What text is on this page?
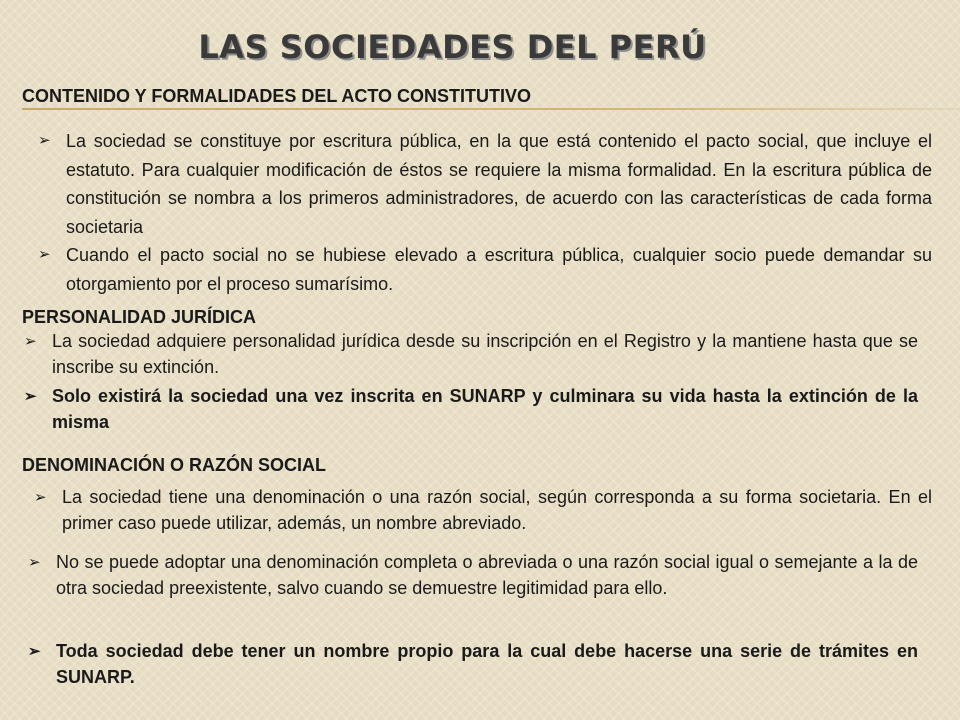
LAS SOCIEDADES DEL PERÚ
CONTENIDO Y FORMALIDADES DEL ACTO CONSTITUTIVO
➢ La sociedad se constituye por escritura pública, en la que está contenido el pacto social, que incluye el estatuto. Para cualquier modificación de éstos se requiere la misma formalidad. En la escritura pública de constitución se nombra a los primeros administradores, de acuerdo con las características de cada forma societaria

➢ Cuando el pacto social no se hubiese elevado a escritura pública, cualquier socio puede demandar su otorgamiento por el proceso sumarísimo.

PERSONALIDAD JURÍDICA
➢ La sociedad adquiere personalidad jurídica desde su inscripción en el Registro y la mantiene hasta que se inscribe su extinción.

➢ Solo existirá la sociedad una vez inscrita en SUNARP y culminara su vida hasta la extinción de la misma

DENOMINACIÓN O RAZÓN SOCIAL
➢ La sociedad tiene una denominación o una razón social, según corresponda a su forma societaria. En el primer caso puede utilizar, además, un nombre abreviado.

➢ No se puede adoptar una denominación completa o abreviada o una razón social igual o semejante a la de otra sociedad preexistente, salvo cuando se demuestre legitimidad para ello.

➢ Toda sociedad debe tener un nombre propio para la cual debe hacerse una serie de trámites en SUNARP.
